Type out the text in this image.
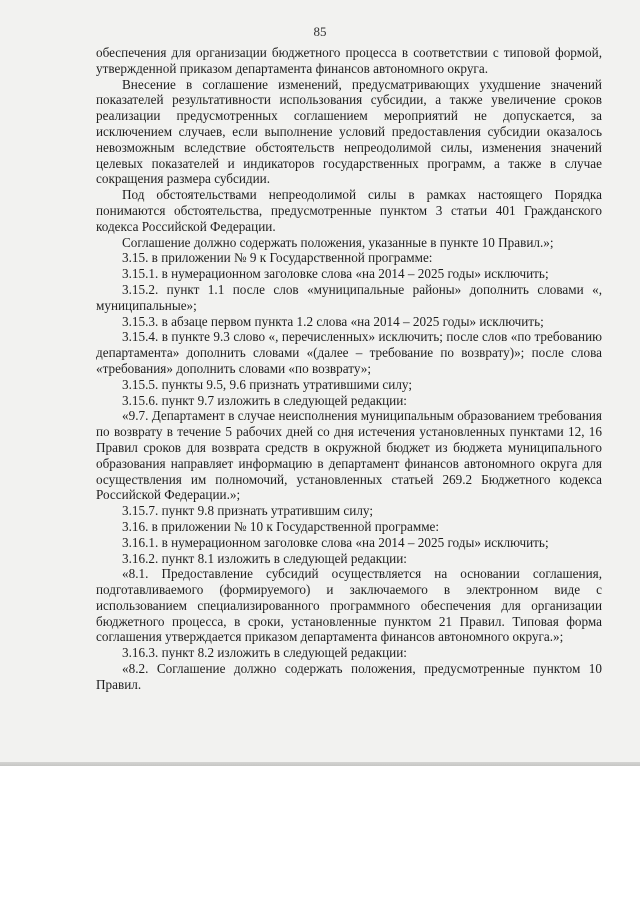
85

обеспечения для организации бюджетного процесса в соответствии с типовой формой, утвержденной приказом департамента финансов автономного округа.

Внесение в соглашение изменений, предусматривающих ухудшение значений показателей результативности использования субсидии, а также увеличение сроков реализации предусмотренных соглашением мероприятий не допускается, за исключением случаев, если выполнение условий предоставления субсидии оказалось невозможным вследствие обстоятельств непреодолимой силы, изменения значений целевых показателей и индикаторов государственных программ, а также в случае сокращения размера субсидии.

Под обстоятельствами непреодолимой силы в рамках настоящего Порядка понимаются обстоятельства, предусмотренные пунктом 3 статьи 401 Гражданского кодекса Российской Федерации.

Соглашение должно содержать положения, указанные в пункте 10 Правил.»;

3.15. в приложении № 9 к Государственной программе:

3.15.1. в нумерационном заголовке слова «на 2014 – 2025 годы» исключить;

3.15.2. пункт 1.1 после слов «муниципальные районы» дополнить словами «, муниципальные»;

3.15.3. в абзаце первом пункта 1.2 слова «на 2014 – 2025 годы» исключить;

3.15.4. в пункте 9.3 слово «, перечисленных» исключить; после слов «по требованию департамента» дополнить словами «(далее – требование по возврату)»; после слова «требования» дополнить словами «по возврату»;

3.15.5. пункты 9.5, 9.6 признать утратившими силу;

3.15.6. пункт 9.7 изложить в следующей редакции:

«9.7. Департамент в случае неисполнения муниципальным образованием требования по возврату в течение 5 рабочих дней со дня истечения установленных пунктами 12, 16 Правил сроков для возврата средств в окружной бюджет из бюджета муниципального образования направляет информацию в департамент финансов автономного округа для осуществления им полномочий, установленных статьей 269.2 Бюджетного кодекса Российской Федерации.»;

3.15.7. пункт 9.8 признать утратившим силу;

3.16. в приложении № 10 к Государственной программе:

3.16.1. в нумерационном заголовке слова «на 2014 – 2025 годы» исключить;

3.16.2. пункт 8.1 изложить в следующей редакции:

«8.1. Предоставление субсидий осуществляется на основании соглашения, подготавливаемого (формируемого) и заключаемого в электронном виде с использованием специализированного программного обеспечения для организации бюджетного процесса, в сроки, установленные пунктом 21 Правил. Типовая форма соглашения утверждается приказом департамента финансов автономного округа.»;

3.16.3. пункт 8.2 изложить в следующей редакции:

«8.2. Соглашение должно содержать положения, предусмотренные пунктом 10 Правил.
